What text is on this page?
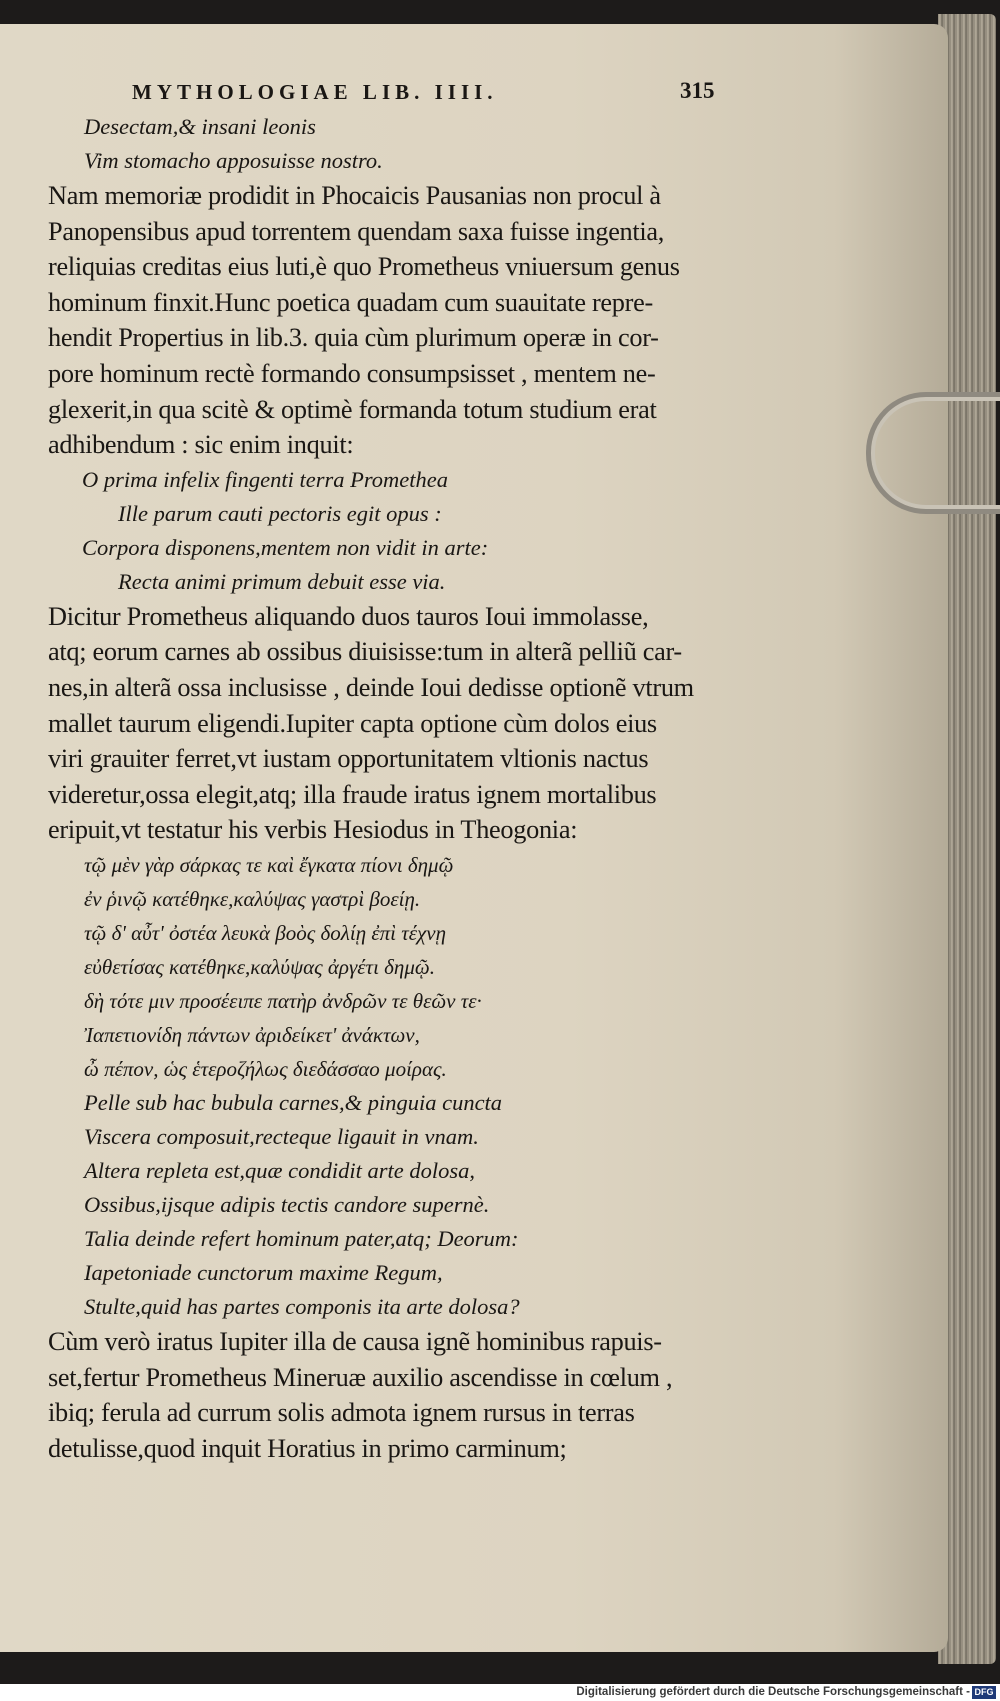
MYTHOLOGIAE LIB. IIII.	315
Desectam,& insani leonis
Vim stomacho apposuisse nostro.
Nam memoriæ prodidit in Phocaicis Pausanias non procul à
Panopensibus apud torrentem quendam saxa fuisse ingentia,
reliquias creditas eius luti,è quo Prometheus vniuersum genus
hominum finxit.Hunc poetica quadam cum suauitate repre-
hendit Propertius in lib.3. quia cùm plurimum operæ in cor-
pore hominum rectè formando consumpsisset , mentem ne-
glexerit,in qua scitè & optimè formanda totum studium erat
adhibendum : sic enim inquit:
O prima infelix fingenti terra Promethea
Ille parum cauti pectoris egit opus :
Corpora disponens,mentem non vidit in arte:
Recta animi primum debuit esse via.
Dicitur Prometheus aliquando duos tauros Ioui immolasse,
atq; eorum carnes ab ossibus diuisisse:tum in alterã pelliũ car-
nes,in alterã ossa inclusisse , deinde Ioui dedisse optionẽ vtrum
mallet taurum eligendi.Iupiter capta optione cùm dolos eius
viri grauiter ferret,vt iustam opportunitatem vltionis nactus
videretur,ossa elegit,atq; illa fraude iratus ignem mortalibus
eripuit,vt testatur his verbis Hesiodus in Theogonia:
τῷ μὲν γὰρ σάρκας τε καὶ ἔγκατα πίονι δημῷ
ἐν ῥινῷ κατέθηκε,καλύψας γαστρὶ βοείῃ.
τῷ δ' αὖτ' ὀστέα λευκὰ βοὸς δολίῃ ἐπὶ τέχνῃ
εὐθετίσας κατέθηκε,καλύψας ἀργέτι δημῷ.
δὴ τότε μιν προσέειπε πατὴρ ἀνδρῶν τε θεῶν τε·
Ἰαπετιονίδη πάντων ἀριδείκετ' ἀνάκτων,
ὦ πέπον, ὡς ἑτεροζήλως διεδάσσαο μοίρας.
Pelle sub hac bubula carnes,& pinguia cuncta
Viscera composuit,recteque ligauit in vnam.
Altera repleta est,quæ condidit arte dolosa,
Ossibus,ijsque adipis tectis candore supernè.
Talia deinde refert hominum pater,atq; Deorum:
Iapetoniade cunctorum maxime Regum,
Stulte,quid has partes componis ita arte dolosa?
Cùm verò iratus Iupiter illa de causa ignẽ hominibus rapuis-
set,fertur Prometheus Mineruæ auxilio ascendisse in cœlum ,
ibiq; ferula ad currum solis admota ignem rursus in terras
detulisse,quod inquit Horatius in primo carminum;
Digitalisierung gefördert durch die Deutsche Forschungsgemeinschaft - DFG
